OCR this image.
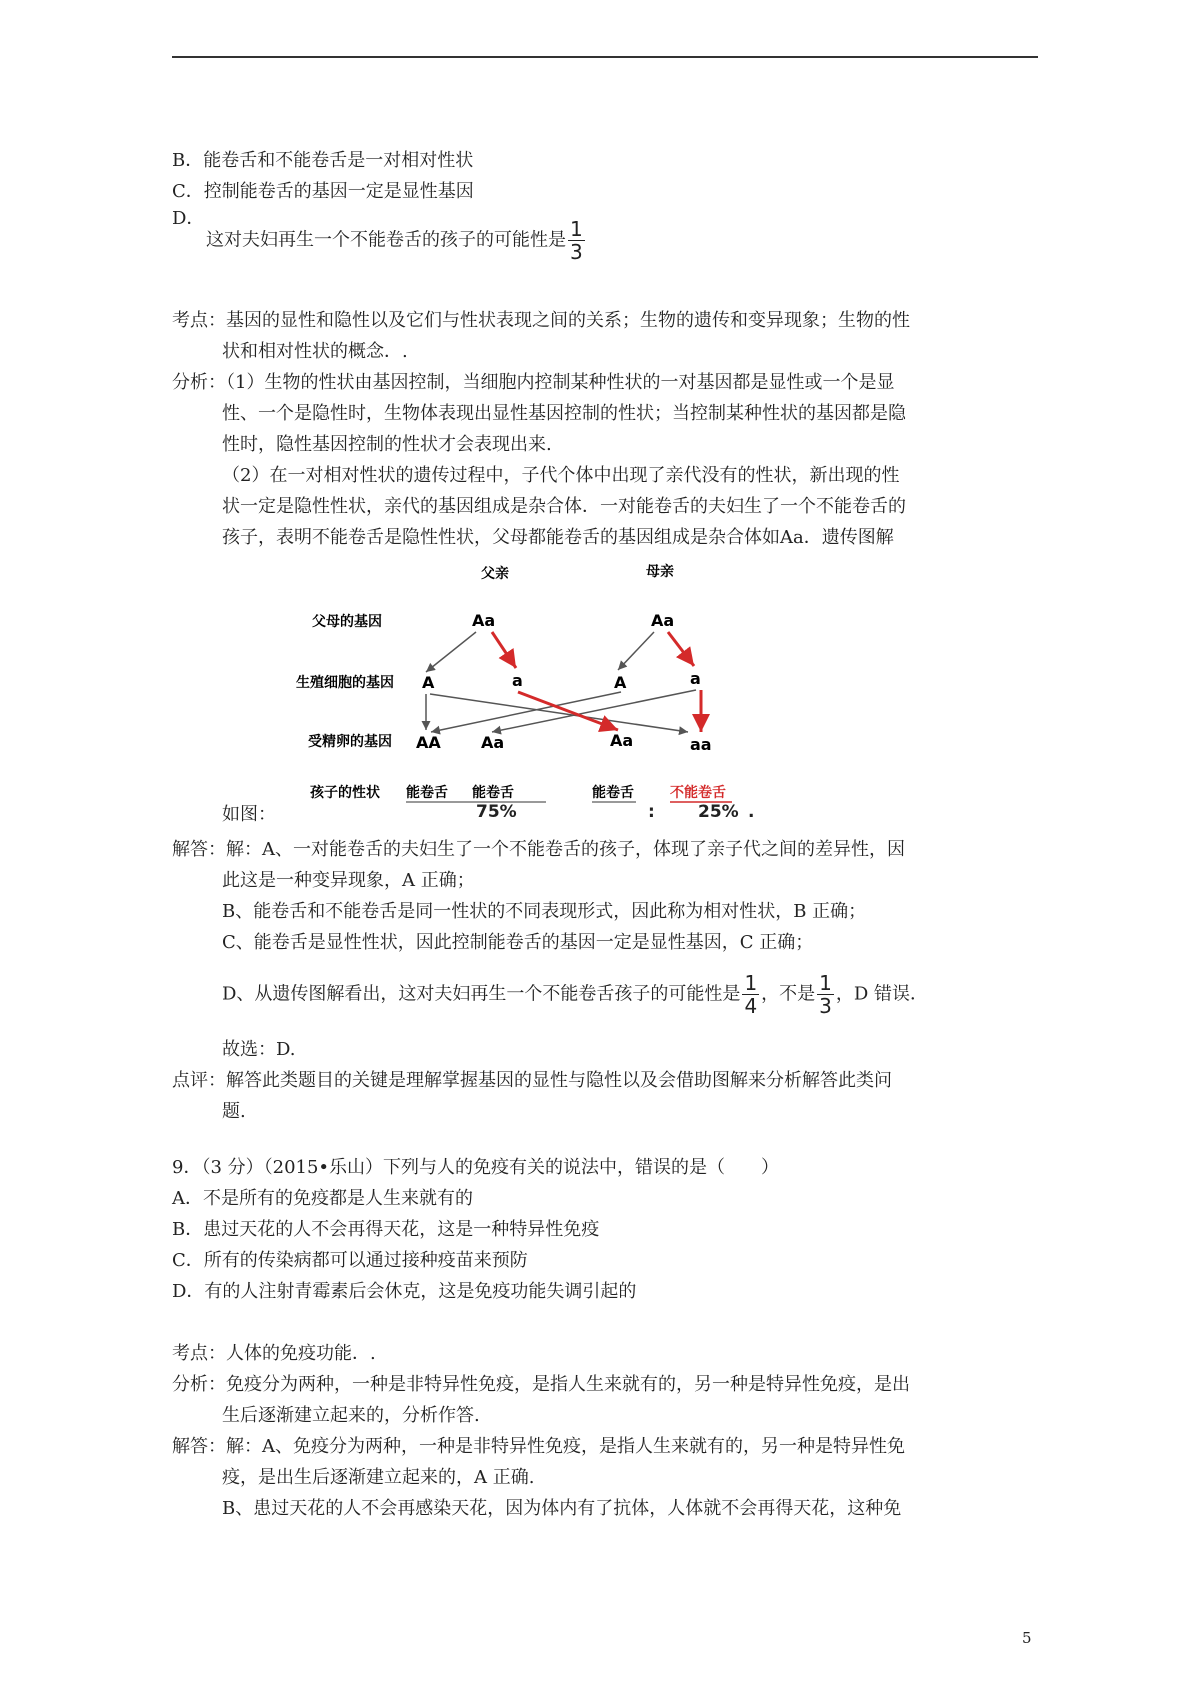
B．能卷舌和不能卷舌是一对相对性状
C．控制能卷舌的基因一定是显性基因
D．
这对夫妇再生一个不能卷舌的孩子的可能性是 $\frac{1}{3}$
考点：基因的显性和隐性以及它们与性状表现之间的关系；生物的遗传和变异现象；生物的性
状和相对性状的概念．.
分析：（1）生物的性状由基因控制，当细胞内控制某种性状的一对基因都是显性或一个是显
性、一个是隐性时，生物体表现出显性基因控制的性状；当控制某种性状的基因都是隐
性时，隐性基因控制的性状才会表现出来.
（2）在一对相对性状的遗传过程中，子代个体中出现了亲代没有的性状，新出现的性
状一定是隐性性状，亲代的基因组成是杂合体．一对能卷舌的夫妇生了一个不能卷舌的
孩子，表明不能卷舌是隐性性状，父母都能卷舌的基因组成是杂合体如Aa．遗传图解
父亲	母亲
父母的基因
生殖细胞的基因
受精卵的基因
孩子的性状
Aa	Aa
A	a	A	a
AA	Aa	Aa	aa
能卷舌 能卷舌	能卷舌	不能卷舌
如图：	75%	:	25% .
解答：解：A、一对能卷舌的夫妇生了一个不能卷舌的孩子，体现了亲子代之间的差异性，因
此这是一种变异现象，A 正确；
B、能卷舌和不能卷舌是同一性状的不同表现形式，因此称为相对性状，B 正确；
C、能卷舌是显性性状，因此控制能卷舌的基因一定是显性基因，C 正确；
D、从遗传图解看出，这对夫妇再生一个不能卷舌孩子的可能性是 $\frac{1}{4}$ ，不是 $\frac{1}{3}$ ，D 错误．
故选：D.
点评：解答此类题目的关键是理解掌握基因的显性与隐性以及会借助图解来分析解答此类问
题.
9．（3 分）（2015•乐山）下列与人的免疫有关的说法中，错误的是（　　）
A．不是所有的免疫都是人生来就有的
B．患过天花的人不会再得天花，这是一种特异性免疫
C．所有的传染病都可以通过接种疫苗来预防
D．有的人注射青霉素后会休克，这是免疫功能失调引起的
考点：人体的免疫功能．.
分析：免疫分为两种，一种是非特异性免疫，是指人生来就有的，另一种是特异性免疫，是出
生后逐渐建立起来的，分析作答.
解答：解：A、免疫分为两种，一种是非特异性免疫，是指人生来就有的，另一种是特异性免
疫，是出生后逐渐建立起来的，A 正确.
B、患过天花的人不会再感染天花，因为体内有了抗体，人体就不会再得天花，这种免
5
